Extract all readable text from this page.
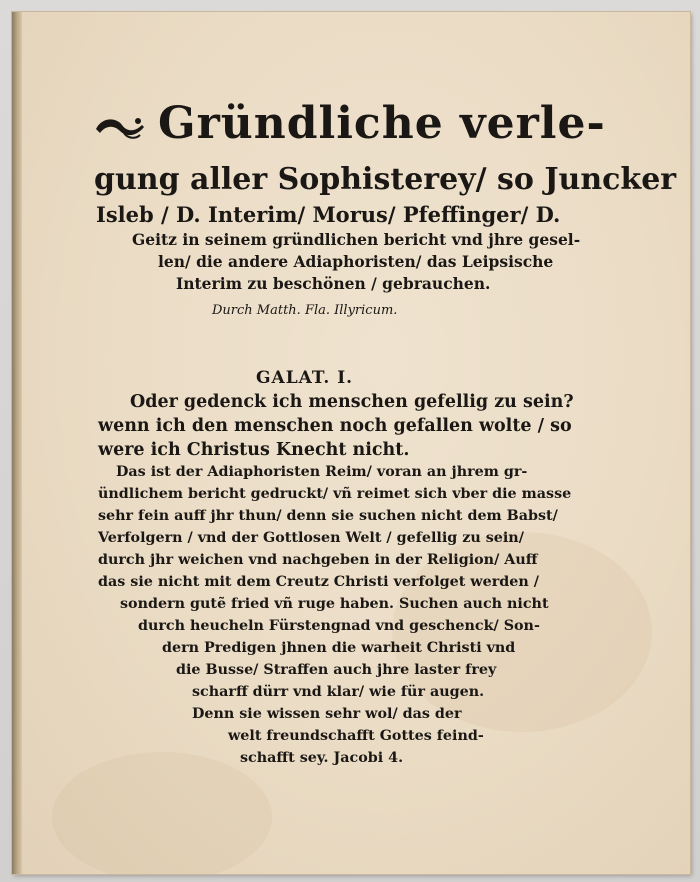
Gründliche verle-
gung aller Sophisterey/ so Juncker
Isleb / D. Interim/ Morus/ Pfeffinger/ D.
Geitz in seinem gründlichen bericht vnd jhre gesel-
len/ die andere Adiaphoristen/ das Leipsische
Interim zu beschönen / gebrauchen.
Durch Matth. Fla. Illyricum.
GALAT. I.
Oder gedenck ich menschen gefellig zu sein?
wenn ich den menschen noch gefallen wolte / so
were ich Christus Knecht nicht.
Das ist der Adiaphoristen Reim/ voran an jhrem gr-
ündlichem bericht gedruckt/ vñ reimet sich vber die masse
sehr fein auff jhr thun/ denn sie suchen nicht dem Babst/
Verfolgern / vnd der Gottlosen Welt / gefellig zu sein/
durch jhr weichen vnd nachgeben in der Religion/ Auff
das sie nicht mit dem Creutz Christi verfolget werden /
sondern gutẽ fried vñ ruge haben. Suchen auch nicht
durch heucheln Fürstengnad vnd geschenck/ Son-
dern Predigen jhnen die warheit Christi vnd
die Busse/ Straffen auch jhre laster frey
scharff dürr vnd klar/ wie für augen.
Denn sie wissen sehr wol/ das der
welt freundschafft Gottes feind-
schafft sey. Jacobi 4.
